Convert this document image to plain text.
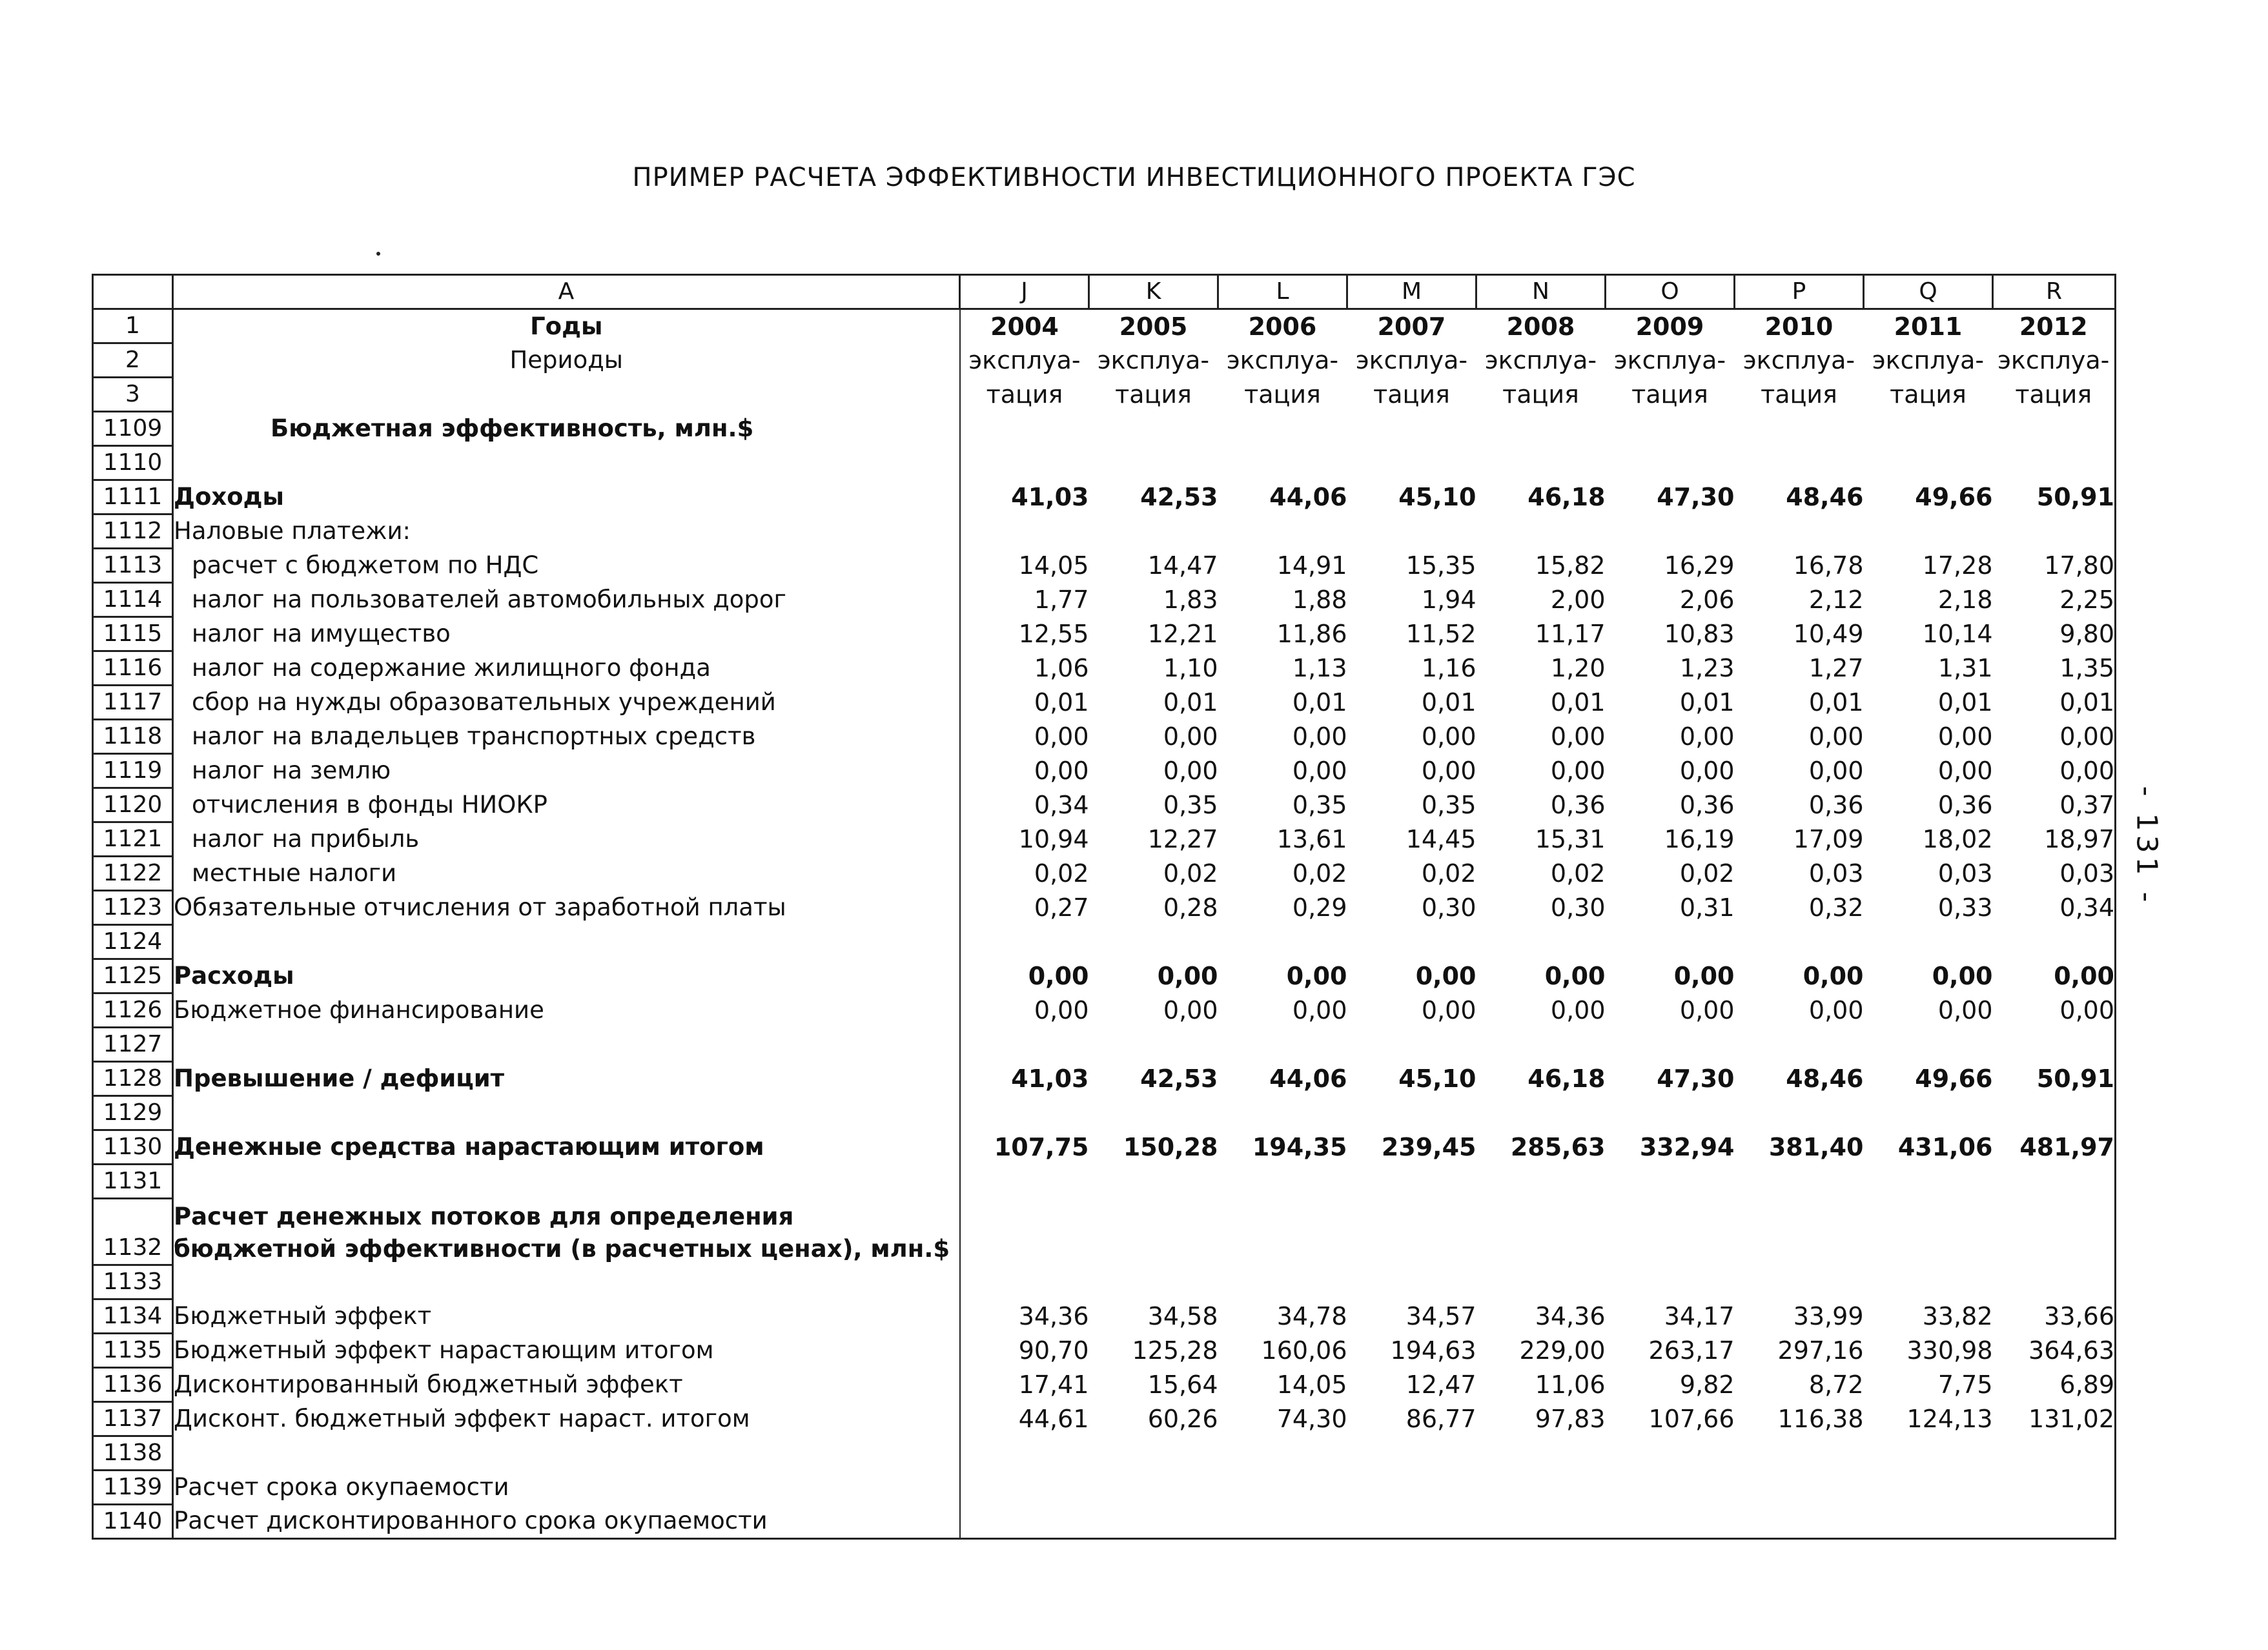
ПРИМЕР РАСЧЕТА ЭФФЕКТИВНОСТИ ИНВЕСТИЦИОННОГО ПРОЕКТА ГЭС
- 131 -
	A	J	K	L	M	N	O	P	Q	R
1	Годы	2004	2005	2006	2007	2008	2009	2010	2011	2012
2	Периоды	эксплуа-	эксплуа-	эксплуа-	эксплуа-	эксплуа-	эксплуа-	эксплуа-	эксплуа-	эксплуа-
3		тация	тация	тация	тация	тация	тация	тация	тация	тация
1109	Бюджетная эффективность, млн.$									
1110										
1111	Доходы	41,03	42,53	44,06	45,10	46,18	47,30	48,46	49,66	50,91
1112	Наловые платежи:									
1113	расчет с бюджетом по НДС	14,05	14,47	14,91	15,35	15,82	16,29	16,78	17,28	17,80
1114	налог на пользователей автомобильных дорог	1,77	1,83	1,88	1,94	2,00	2,06	2,12	2,18	2,25
1115	налог на имущество	12,55	12,21	11,86	11,52	11,17	10,83	10,49	10,14	9,80
1116	налог на содержание жилищного фонда	1,06	1,10	1,13	1,16	1,20	1,23	1,27	1,31	1,35
1117	сбор на нужды образовательных учреждений	0,01	0,01	0,01	0,01	0,01	0,01	0,01	0,01	0,01
1118	налог на владельцев транспортных средств	0,00	0,00	0,00	0,00	0,00	0,00	0,00	0,00	0,00
1119	налог на землю	0,00	0,00	0,00	0,00	0,00	0,00	0,00	0,00	0,00
1120	отчисления в фонды НИОКР	0,34	0,35	0,35	0,35	0,36	0,36	0,36	0,36	0,37
1121	налог на прибыль	10,94	12,27	13,61	14,45	15,31	16,19	17,09	18,02	18,97
1122	местные налоги	0,02	0,02	0,02	0,02	0,02	0,02	0,03	0,03	0,03
1123	Обязательные отчисления от заработной платы	0,27	0,28	0,29	0,30	0,30	0,31	0,32	0,33	0,34
1124										
1125	Расходы	0,00	0,00	0,00	0,00	0,00	0,00	0,00	0,00	0,00
1126	Бюджетное финансирование	0,00	0,00	0,00	0,00	0,00	0,00	0,00	0,00	0,00
1127										
1128	Превышение / дефицит	41,03	42,53	44,06	45,10	46,18	47,30	48,46	49,66	50,91
1129										
1130	Денежные средства нарастающим итогом	107,75	150,28	194,35	239,45	285,63	332,94	381,40	431,06	481,97
1131										
1132	Расчет денежных потоков для определения бюджетной эффективности (в расчетных ценах), млн.$									
1133										
1134	Бюджетный эффект	34,36	34,58	34,78	34,57	34,36	34,17	33,99	33,82	33,66
1135	Бюджетный эффект нарастающим итогом	90,70	125,28	160,06	194,63	229,00	263,17	297,16	330,98	364,63
1136	Дисконтированный бюджетный эффект	17,41	15,64	14,05	12,47	11,06	9,82	8,72	7,75	6,89
1137	Дисконт. бюджетный эффект нараст. итогом	44,61	60,26	74,30	86,77	97,83	107,66	116,38	124,13	131,02
1138										
1139	Расчет срока окупаемости									
1140	Расчет дисконтированного срока окупаемости									
